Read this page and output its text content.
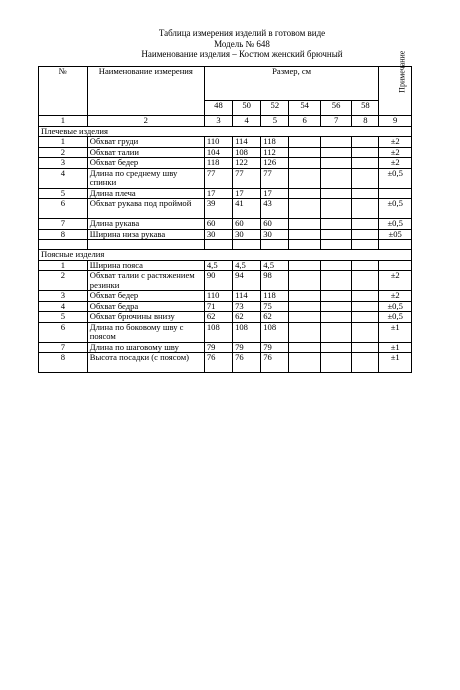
Таблица измерения изделий в готовом виде
Модель № 648
Наименование изделия – Костюм женский брючный
№	Наименование измерения	Размер, см						Примечание
		48	50	52	54	56	58	
1	2	3	4	5	6	7	8	9
Плечевые изделия								
1	Обхват груди	110	114	118				±2
2	Обхват талии	104	108	112				±2
3	Обхват бедер	118	122	126				±2
4	Длина по среднему шву спинки	77	77	77				±0,5
5	Длина плеча	17	17	17				
6	Обхват рукава под проймой	39	41	43				±0,5
7	Длина рукава	60	60	60				±0,5
8	Ширина низа рукава	30	30	30				±05

Поясные изделия								
1	Ширина пояса	4,5	4,5	4,5				
2	Обхват талии с растяжением резинки	90	94	98				±2
3	Обхват бедер	110	114	118				±2
4	Обхват бедра	71	73	75				±0,5
5	Обхват брючины внизу	62	62	62				±0,5
6	Длина по боковому шву с поясом	108	108	108				±1
7	Длина по шаговому шву	79	79	79				±1
8	Высота посадки (с поясом)	76	76	76				±1
